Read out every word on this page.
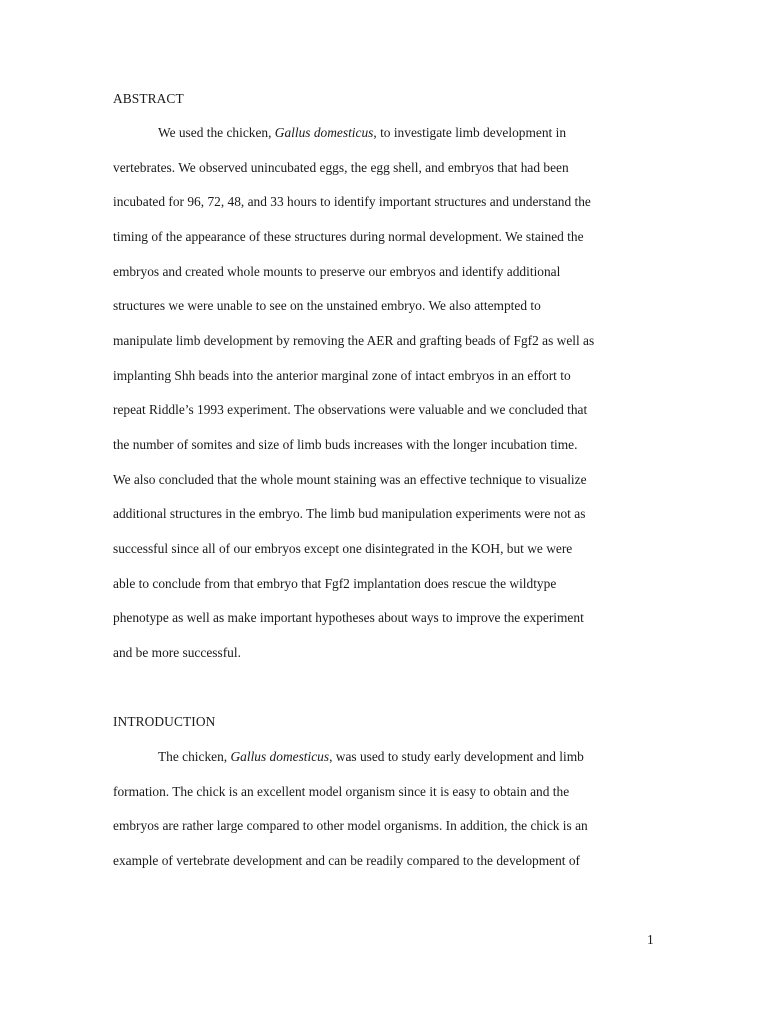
ABSTRACT

We used the chicken, Gallus domesticus, to investigate limb development in

vertebrates. We observed unincubated eggs, the egg shell, and embryos that had been

incubated for 96, 72, 48, and 33 hours to identify important structures and understand the

timing of the appearance of these structures during normal development. We stained the

embryos and created whole mounts to preserve our embryos and identify additional

structures we were unable to see on the unstained embryo. We also attempted to

manipulate limb development by removing the AER and grafting beads of Fgf2 as well as

implanting Shh beads into the anterior marginal zone of intact embryos in an effort to

repeat Riddle’s 1993 experiment. The observations were valuable and we concluded that

the number of somites and size of limb buds increases with the longer incubation time.

We also concluded that the whole mount staining was an effective technique to visualize

additional structures in the embryo. The limb bud manipulation experiments were not as

successful since all of our embryos except one disintegrated in the KOH, but we were

able to conclude from that embryo that Fgf2 implantation does rescue the wildtype

phenotype as well as make important hypotheses about ways to improve the experiment

and be more successful.

INTRODUCTION

The chicken, Gallus domesticus, was used to study early development and limb

formation. The chick is an excellent model organism since it is easy to obtain and the

embryos are rather large compared to other model organisms. In addition, the chick is an

example of vertebrate development and can be readily compared to the development of

1
